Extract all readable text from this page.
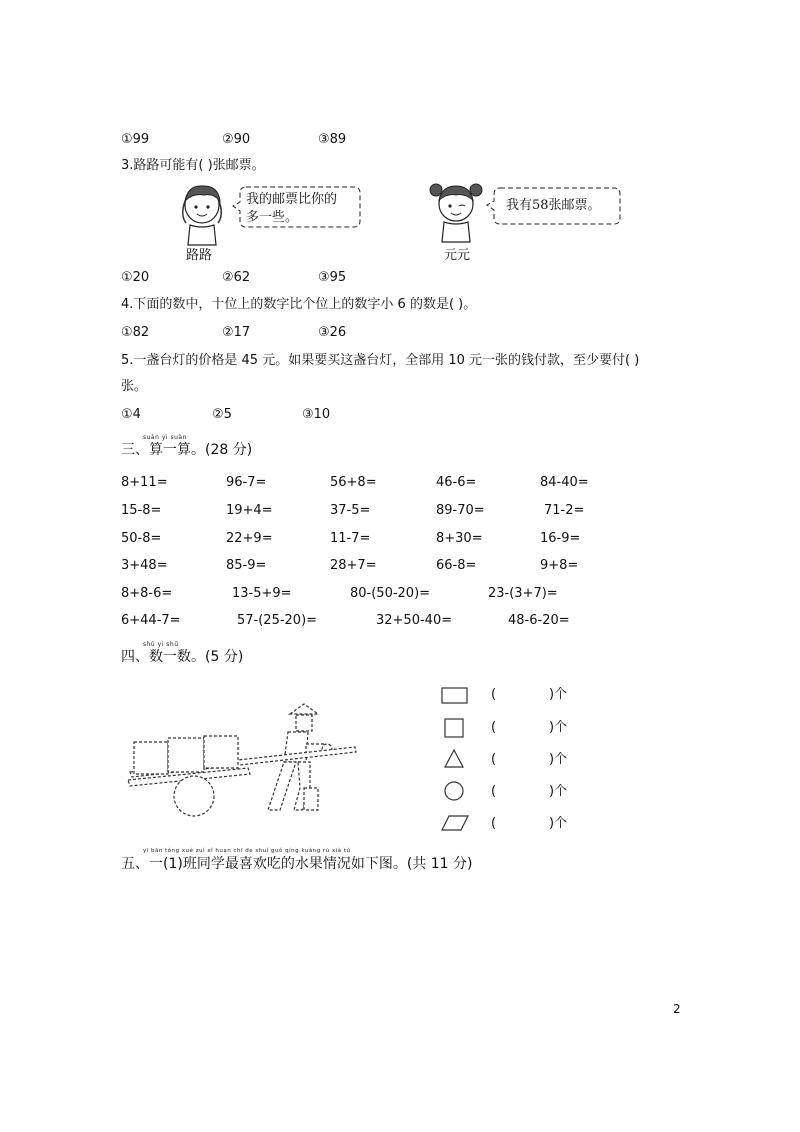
①99	②90	③89
3.路路可能有( )张邮票。
我的邮票比你的
多一些。
路路
我有58张邮票。
元元
①20	②62	③95
4.下面的数中，十位上的数字比个位上的数字小 6 的数是( )。
①82	②17	③26
5.一盏台灯的价格是 45 元。如果要买这盏台灯，全部用 10 元一张的钱付款，至少要付( )
张。
①4	②5	③10
suàn yi suàn
三、算一算。(28 分)
8+11=	96-7=	56+8=	46-6=	84-40=
15-8=	19+4=	37-5=	89-70=	71-2=
50-8=	22+9=	11-7=	8+30=	16-9=
3+48=	85-9=	28+7=	66-8=	9+8=
8+8-6=	13-5+9=	80-(50-20)=	23-(3+7)=
6+44-7=	57-(25-20)=	32+50-40=	48-6-20=
shǔ yi shǔ
四、数一数。(5 分)
(	)个
(	)个
(	)个
(	)个
(	)个
yī bān tóng xué zuì xǐ huan chī de shuǐ guǒ qíng kuàng rú xià tú
五、一(1)班同学最喜欢吃的水果情况如下图。(共 11 分)
2
